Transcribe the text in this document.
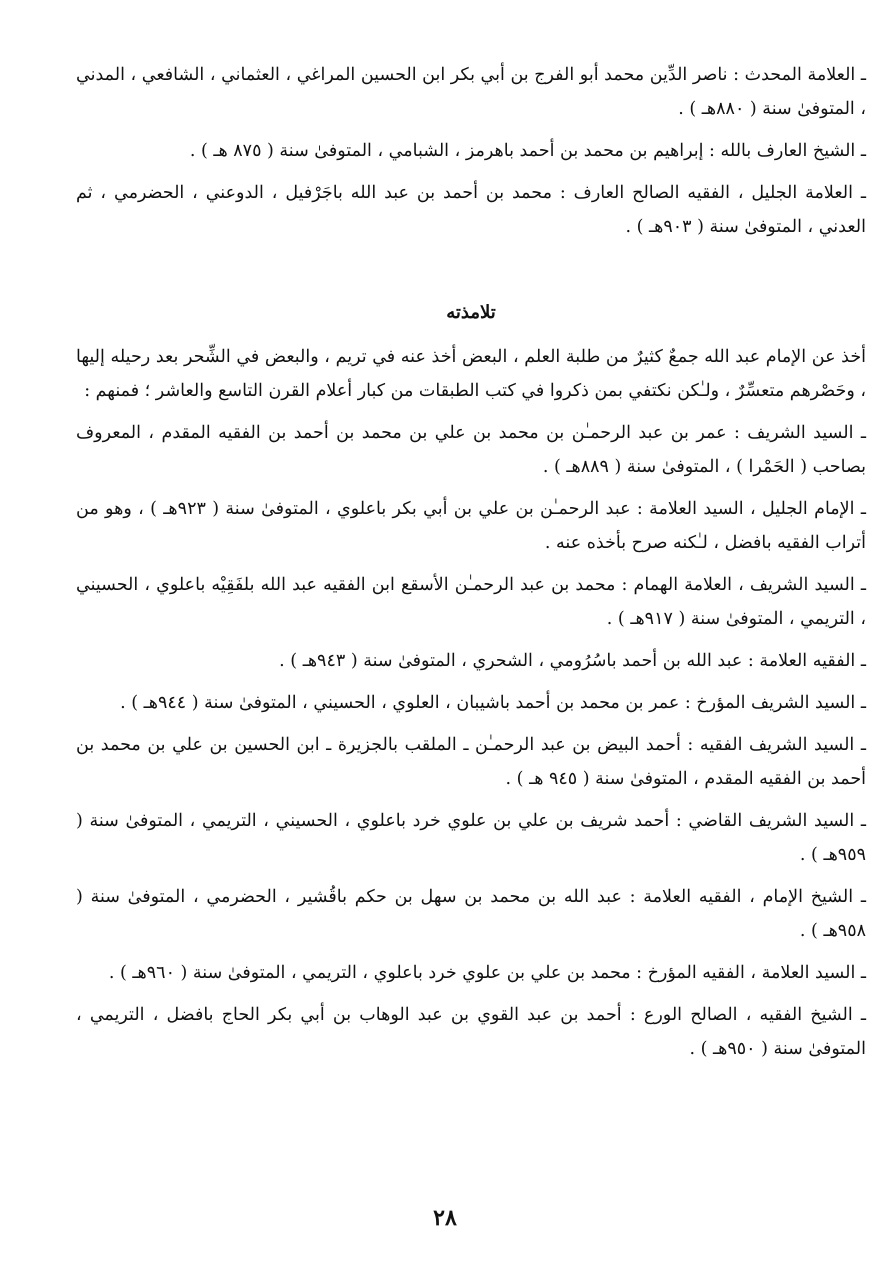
ـ العلامة المحدث : ناصر الدِّين محمد أبو الفرج بن أبي بكر ابن الحسين المراغي ، العثماني ، الشافعي ، المدني ، المتوفىٰ سنة ( ٨٨٠هـ ) .

ـ الشيخ العارف بالله : إبراهيم بن محمد بن أحمد باهرمز ، الشبامي ، المتوفىٰ سنة ( ٨٧٥ هـ ) .

ـ العلامة الجليل ، الفقيه الصالح العارف : محمد بن أحمد بن عبد الله باجَرْفيل ، الدوعني ، الحضرمي ، ثم العدني ، المتوفىٰ سنة ( ٩٠٣هـ ) .

تلامذته

أخذ عن الإمام عبد الله جمعٌ كثيرٌ من طلبة العلم ، البعض أخذ عنه في تريم ، والبعض في الشِّحر بعد رحيله إليها ، وحَصْرهم متعسِّرٌ ، ولـٰكن نكتفي بمن ذكروا في كتب الطبقات من كبار أعلام القرن التاسع والعاشر ؛ فمنهم :

ـ السيد الشريف : عمر بن عبد الرحمـٰن بن محمد بن علي بن محمد بن أحمد بن الفقيه المقدم ، المعروف بصاحب ( الحَمْرا ) ، المتوفىٰ سنة ( ٨٨٩هـ ) .

ـ الإمام الجليل ، السيد العلامة : عبد الرحمـٰن بن علي بن أبي بكر باعلوي ، المتوفىٰ سنة ( ٩٢٣هـ ) ، وهو من أتراب الفقيه بافضل ، لـٰكنه صرح بأخذه عنه .

ـ السيد الشريف ، العلامة الهمام : محمد بن عبد الرحمـٰن الأسقع ابن الفقيه عبد الله بلفَقِيْه باعلوي ، الحسيني ، التريمي ، المتوفىٰ سنة ( ٩١٧هـ ) .

ـ الفقيه العلامة : عبد الله بن أحمد باسُرُومي ، الشحري ، المتوفىٰ سنة ( ٩٤٣هـ ) .

ـ السيد الشريف المؤرخ : عمر بن محمد بن أحمد باشيبان ، العلوي ، الحسيني ، المتوفىٰ سنة ( ٩٤٤هـ ) .

ـ السيد الشريف الفقيه : أحمد البيض بن عبد الرحمـٰن ـ الملقب بالجزيرة ـ ابن الحسين بن علي بن محمد بن أحمد بن الفقيه المقدم ، المتوفىٰ سنة ( ٩٤٥ هـ ) .

ـ السيد الشريف القاضي : أحمد شريف بن علي بن علوي خرد باعلوي ، الحسيني ، التريمي ، المتوفىٰ سنة ( ٩٥٩هـ ) .

ـ الشيخ الإمام ، الفقيه العلامة : عبد الله بن محمد بن سهل بن حكم باقُشير ، الحضرمي ، المتوفىٰ سنة ( ٩٥٨هـ ) .

ـ السيد العلامة ، الفقيه المؤرخ : محمد بن علي بن علوي خرد باعلوي ، التريمي ، المتوفىٰ سنة ( ٩٦٠هـ ) .

ـ الشيخ الفقيه ، الصالح الورع : أحمد بن عبد القوي بن عبد الوهاب بن أبي بكر الحاج بافضل ، التريمي ، المتوفىٰ سنة ( ٩٥٠هـ ) .

٢٨
